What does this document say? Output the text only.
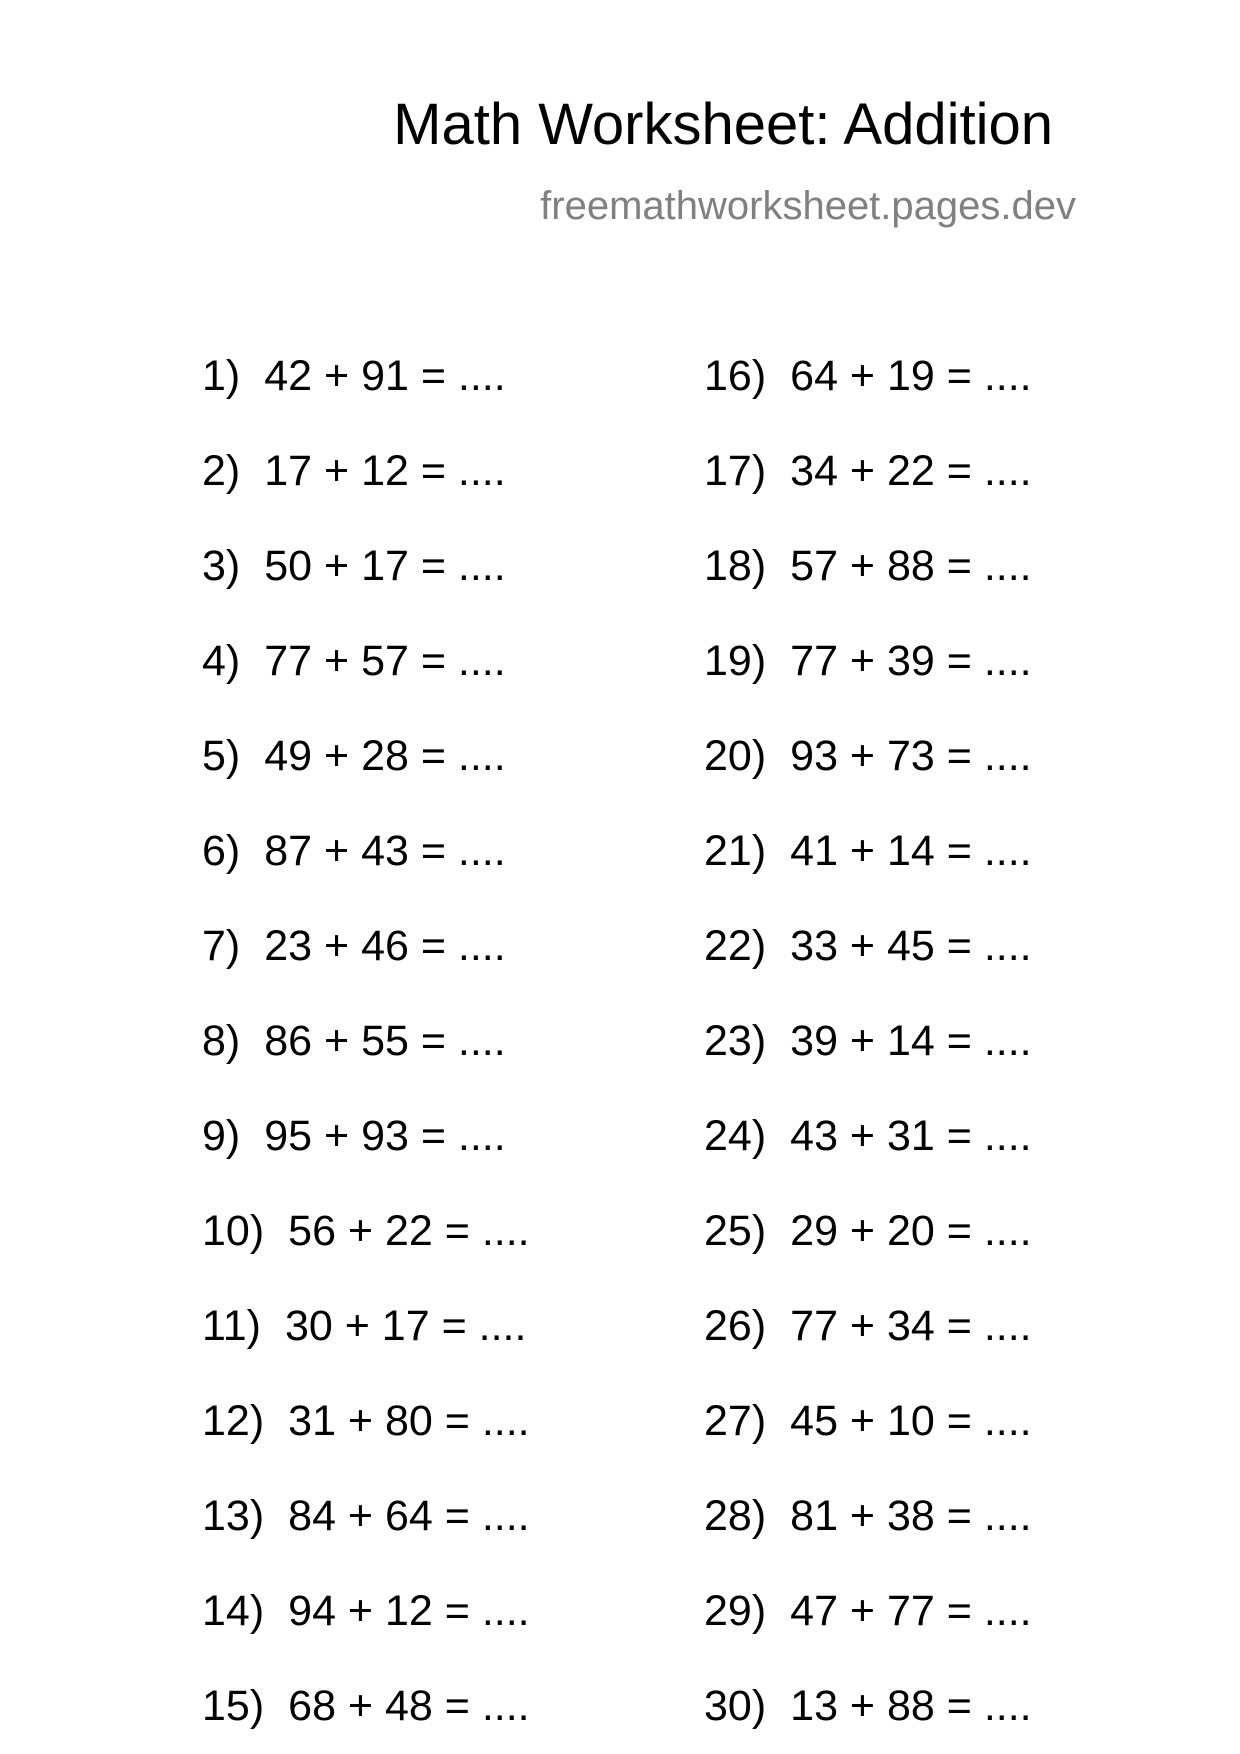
Math Worksheet: Addition
freemathworksheet.pages.dev
1) 42 + 91 = ....
2) 17 + 12 = ....
3) 50 + 17 = ....
4) 77 + 57 = ....
5) 49 + 28 = ....
6) 87 + 43 = ....
7) 23 + 46 = ....
8) 86 + 55 = ....
9) 95 + 93 = ....
10) 56 + 22 = ....
11) 30 + 17 = ....
12) 31 + 80 = ....
13) 84 + 64 = ....
14) 94 + 12 = ....
15) 68 + 48 = ....
16) 64 + 19 = ....
17) 34 + 22 = ....
18) 57 + 88 = ....
19) 77 + 39 = ....
20) 93 + 73 = ....
21) 41 + 14 = ....
22) 33 + 45 = ....
23) 39 + 14 = ....
24) 43 + 31 = ....
25) 29 + 20 = ....
26) 77 + 34 = ....
27) 45 + 10 = ....
28) 81 + 38 = ....
29) 47 + 77 = ....
30) 13 + 88 = ....
